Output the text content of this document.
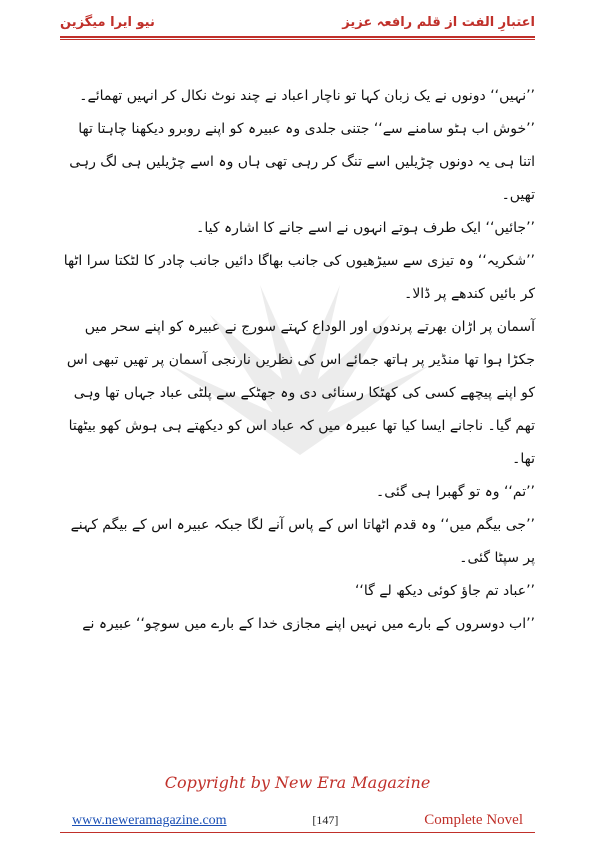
نیو ایرا میگزین	اعتبارِ الفت از قلم رافعہ عزیز

’’نہیں‘‘ دونوں نے یک زبان کہا تو ناچار اعباد نے چند نوٹ نکال کر انہیں تھمائے۔

’’خوش اب ہٹو سامنے سے‘‘ جتنی جلدی وہ عبیرہ کو اپنے روبرو دیکھنا چاہتا تھا اتنا ہی یہ دونوں چڑیلیں اسے تنگ کر رہی تھی ہاں وہ اسے چڑیلیں ہی لگ رہی تھیں۔

’’جائیں‘‘ ایک طرف ہوتے انہوں نے اسے جانے کا اشارہ کیا۔

’’شکریہ‘‘ وہ تیزی سے سیڑھیوں کی جانب بھاگا دائیں جانب چادر کا لٹکتا سرا اٹھا کر بائیں کندھے پر ڈالا۔

آسمان پر اڑان بھرتے پرندوں اور الوداع کہتے سورج نے عبیرہ کو اپنے سحر میں جکڑا ہوا تھا منڈیر پر ہاتھ جمائے اس کی نظریں نارنجی آسمان پر تھیں تبھی اس کو اپنے پیچھے کسی کی کھٹکا رسنائی دی وہ جھٹکے سے پلٹی عباد جہاں تھا وہی تھم گیا۔ ناجانے ایسا کیا تھا عبیرہ میں کہ عباد اس کو دیکھتے ہی ہوش کھو بیٹھتا تھا۔

’’تم‘‘ وہ تو گھبرا ہی گئی۔

’’جی بیگم میں‘‘ وہ قدم اٹھاتا اس کے پاس آنے لگا جبکہ عبیرہ اس کے بیگم کہنے پر سپٹا گئی۔

’’عباد تم جاؤ کوئی دیکھ لے گا‘‘

’’اب دوسروں کے بارے میں نہیں اپنے مجازی خدا کے بارے میں سوچو‘‘ عبیرہ نے

Copyright by New Era Magazine
www.neweramagazine.com	[147]	Complete Novel
